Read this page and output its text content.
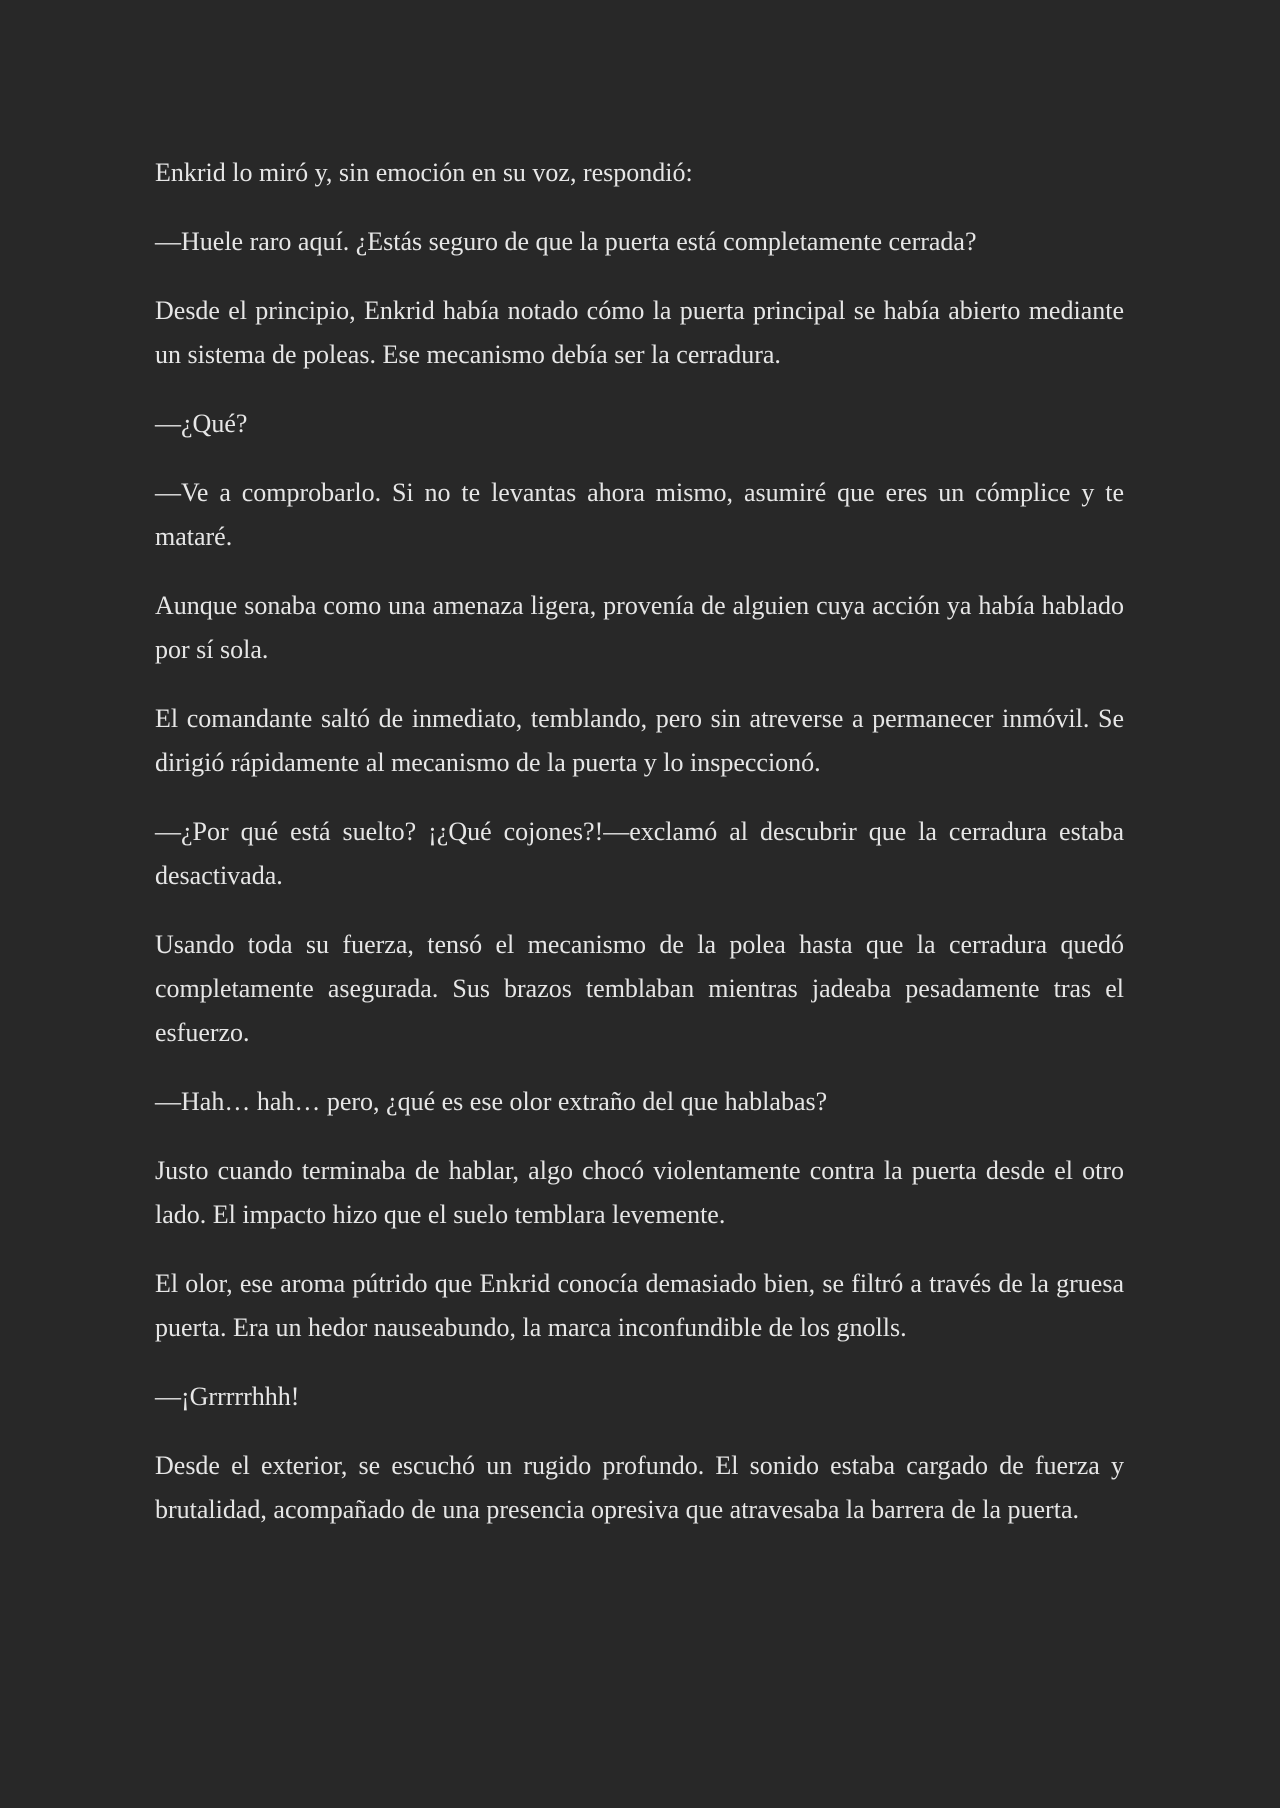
Enkrid lo miró y, sin emoción en su voz, respondió:

—Huele raro aquí. ¿Estás seguro de que la puerta está completamente cerrada?

Desde el principio, Enkrid había notado cómo la puerta principal se había abierto mediante un sistema de poleas. Ese mecanismo debía ser la cerradura.

—¿Qué?

—Ve a comprobarlo. Si no te levantas ahora mismo, asumiré que eres un cómplice y te mataré.

Aunque sonaba como una amenaza ligera, provenía de alguien cuya acción ya había hablado por sí sola.

El comandante saltó de inmediato, temblando, pero sin atreverse a permanecer inmóvil. Se dirigió rápidamente al mecanismo de la puerta y lo inspeccionó.

—¿Por qué está suelto? ¡¿Qué cojones?!—exclamó al descubrir que la cerradura estaba desactivada.

Usando toda su fuerza, tensó el mecanismo de la polea hasta que la cerradura quedó completamente asegurada. Sus brazos temblaban mientras jadeaba pesadamente tras el esfuerzo.

—Hah… hah… pero, ¿qué es ese olor extraño del que hablabas?

Justo cuando terminaba de hablar, algo chocó violentamente contra la puerta desde el otro lado. El impacto hizo que el suelo temblara levemente.

El olor, ese aroma pútrido que Enkrid conocía demasiado bien, se filtró a través de la gruesa puerta. Era un hedor nauseabundo, la marca inconfundible de los gnolls.

—¡Grrrrrhhh!

Desde el exterior, se escuchó un rugido profundo. El sonido estaba cargado de fuerza y brutalidad, acompañado de una presencia opresiva que atravesaba la barrera de la puerta.
